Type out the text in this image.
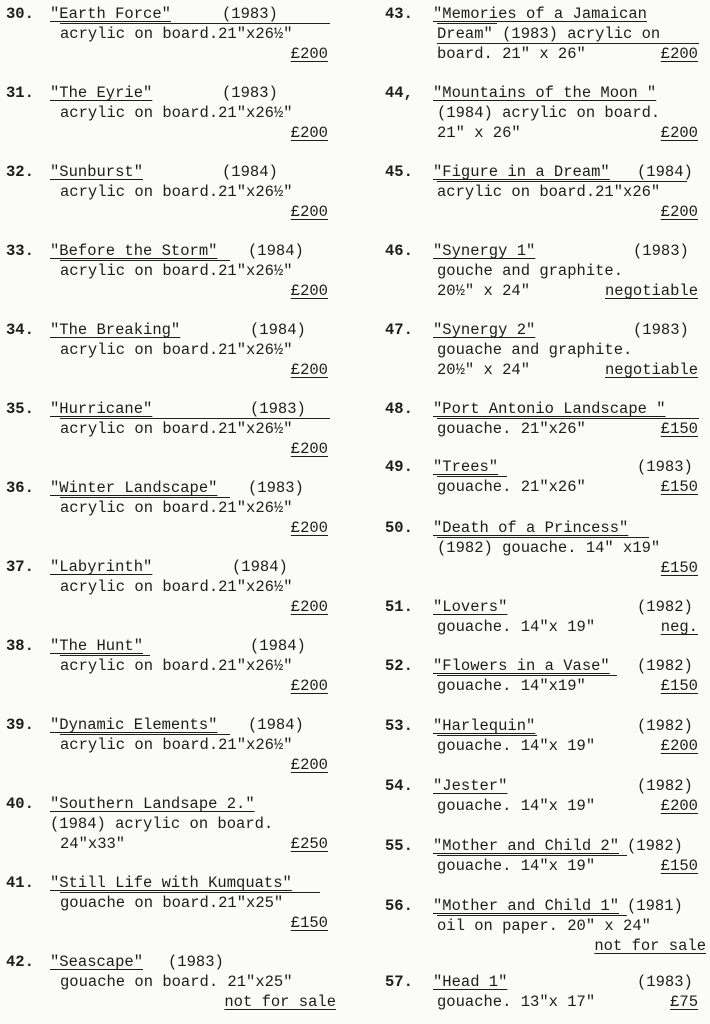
30. "Earth Force"	(1983)
acrylic on board.21"x26½"
£200
31. "The Eyrie"	(1983)
acrylic on board.21"x26½"
£200
32. "Sunburst"	(1984)
acrylic on board.21"x26½"
£200
33. "Before the Storm" (1984)
acrylic on board.21"x26½"
£200
34. "The Breaking"	(1984)
acrylic on board.21"x26½"
£200
35. "Hurricane"	(1983)
acrylic on board.21"x26½"
£200
36. "Winter Landscape" (1983)
acrylic on board.21"x26½"
£200
37. "Labyrinth"	(1984)
acrylic on board.21"x26½"
£200
38. "The Hunt"	(1984)
acrylic on board.21"x26½"
£200
39. "Dynamic Elements" (1984)
acrylic on board.21"x26½"
£200
40. "Southern Landsape 2."
(1984) acrylic on board.
24"x33"	£250
41. "Still Life with Kumquats"
gouache on board.21"x25"
£150
42. "Seascape" (1983)
gouache on board. 21"x25"
not for sale
43. "Memories of a Jamaican
Dream" (1983) acrylic on
board. 21" x 26"	£200
44, "Mountains of the Moon "
(1984) acrylic on board.
21" x 26"	£200
45. "Figure in a Dream" (1984)
acrylic on board.21"x26"
£200
46. "Synergy 1"	(1983)
gouche and graphite.
20½" x 24"	negotiable
47. "Synergy 2"	(1983)
gouache and graphite.
20½" x 24"	negotiable
48. "Port Antonio Landscape "
gouache. 21"x26"	£150
49. "Trees"	(1983)
gouache. 21"x26"	£150
50. "Death of a Princess"
(1982) gouache. 14" x19"
£150
51. "Lovers"	(1982)
gouache. 14"x 19"	neg.
52. "Flowers in a Vase" (1982)
gouache. 14"x19"	£150
53. "Harlequin"	(1982)
gouache. 14"x 19"	£200
54. "Jester"	(1982)
gouache. 14"x 19"	£200
55. "Mother and Child 2" (1982)
gouache. 14"x 19"	£150
56. "Mother and Child 1" (1981)
oil on paper. 20" x 24"
not for sale
57. "Head 1"	(1983)
gouache. 13"x 17"	£75
